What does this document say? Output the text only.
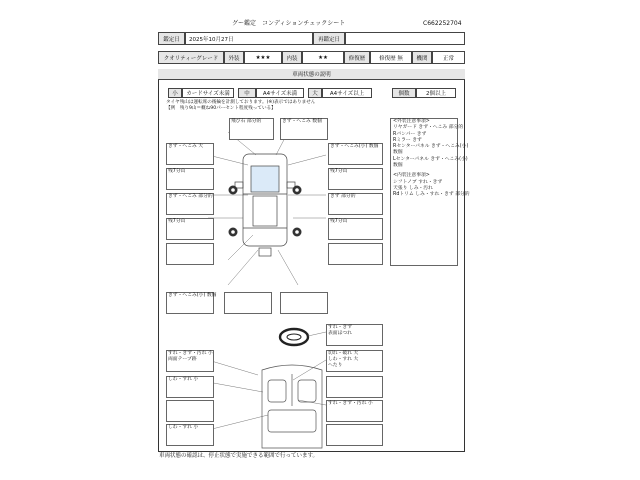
グー鑑定　コンディションチェックシート	C662252704
鑑定日	2025年10月27日	再鑑定日
クオリティーグレード	外装	★★★	内装	★★	修復歴	修復歴 無	機関	正常
車両状態の説明
小	カードサイズ未満	中	A4サイズ未満	大	A4サイズ以上	個数	2個以上
タイヤ残山は運転席の後輪を計測しております。(※)表示ではありません
【例　残り9山＝概ね90パーセント程度残っている】
飛び石 部分的	きず・へこみ 数個
きず・へこみ 大	きず・へこみ(小) 数個
残7分山	残7分山
きず・へこみ 部分的	きず 部分的
残7分山	残7分山
きず・へこみ(小) 数個
<外装注意事項>
リヤガード きず・へこみ 部分的
Rバンパー きず
Rミラー きず
Rセンターパネル きず・へこみ(小)
数個
Lセンターパネル きず・へこみ(小)
数個
<内装注意事項>
シフトノブ すれ・きず
天張り しみ・汚れ
Rdトリム しみ・すれ・きず 部分的
すれ・きず
表面ほつれ
すれ・きず・汚れ 小
両面テープ跡
切れ・破れ 大
しわ・すれ 大
へたり
しわ・すれ 小
すれ・きず・汚れ 小
しわ・すれ 小
車両状態の確認は、停止状態で実施できる範囲で行っています。
